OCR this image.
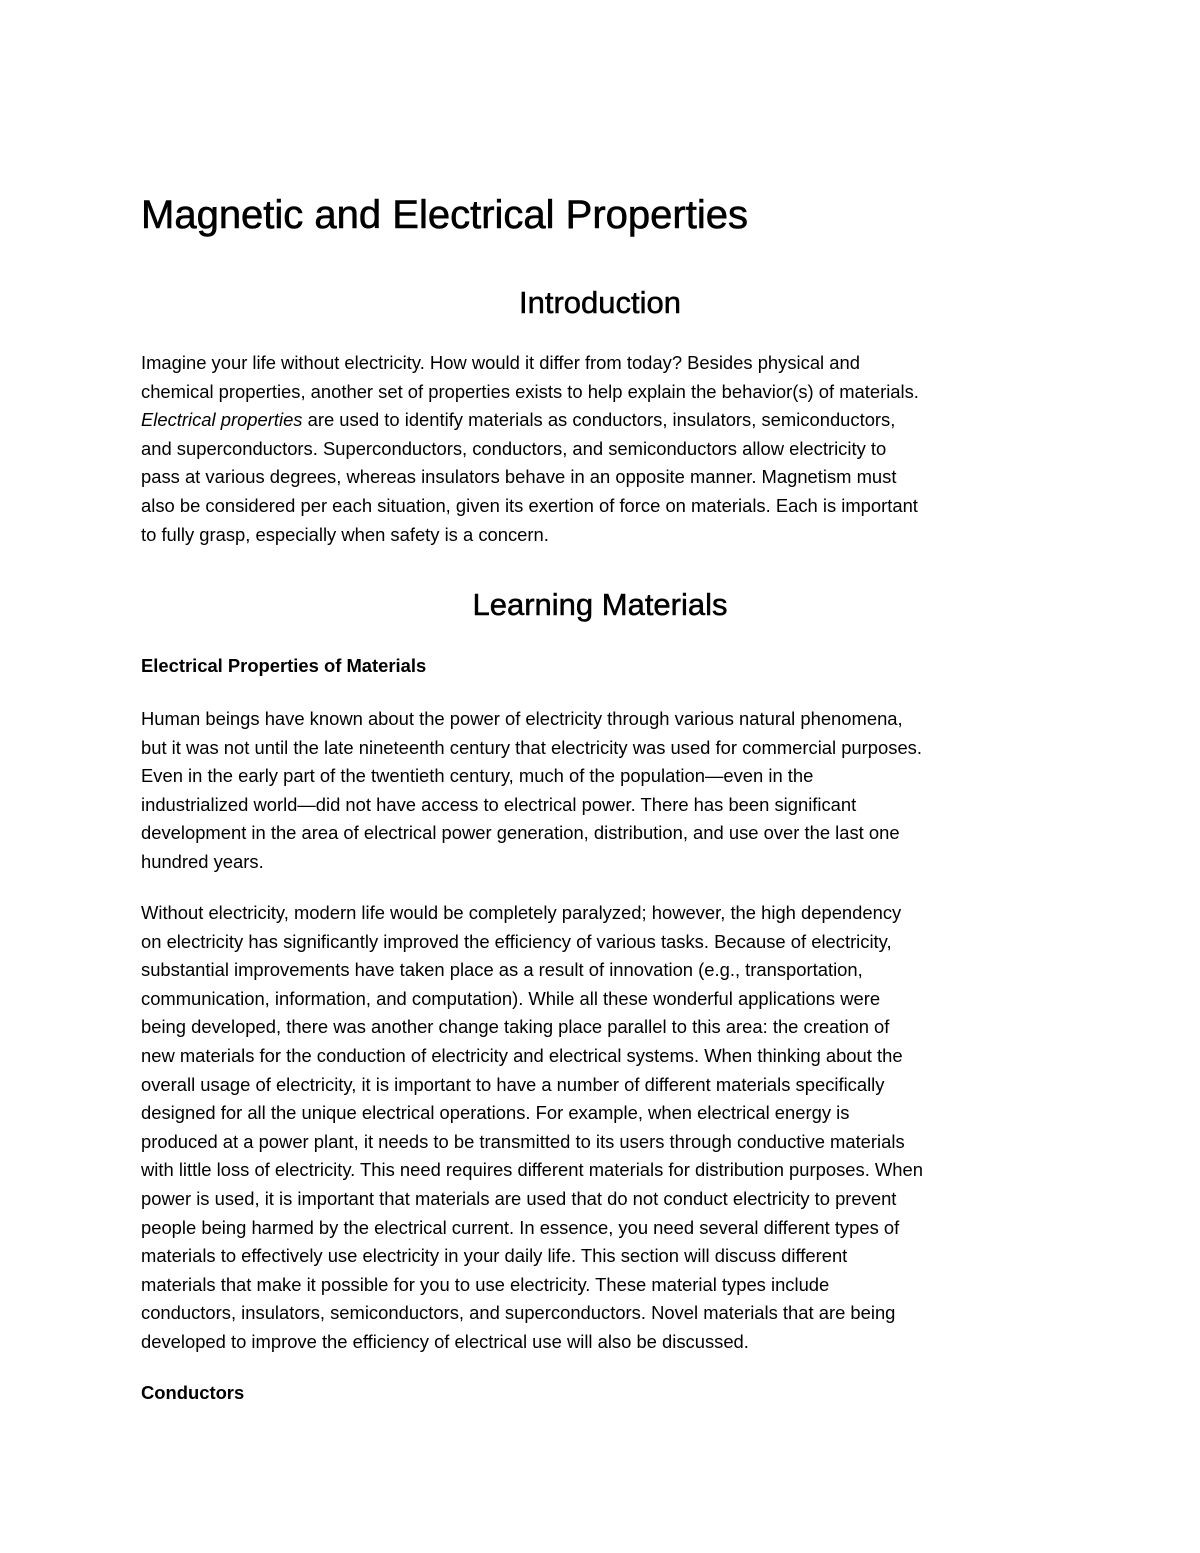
Magnetic and Electrical Properties
Introduction
Imagine your life without electricity. How would it differ from today? Besides physical and
chemical properties, another set of properties exists to help explain the behavior(s) of materials.
Electrical properties are used to identify materials as conductors, insulators, semiconductors,
and superconductors. Superconductors, conductors, and semiconductors allow electricity to
pass at various degrees, whereas insulators behave in an opposite manner. Magnetism must
also be considered per each situation, given its exertion of force on materials. Each is important
to fully grasp, especially when safety is a concern.
Learning Materials
Electrical Properties of Materials
Human beings have known about the power of electricity through various natural phenomena,
but it was not until the late nineteenth century that electricity was used for commercial purposes.
Even in the early part of the twentieth century, much of the population—even in the
industrialized world—did not have access to electrical power. There has been significant
development in the area of electrical power generation, distribution, and use over the last one
hundred years.
Without electricity, modern life would be completely paralyzed; however, the high dependency
on electricity has significantly improved the efficiency of various tasks. Because of electricity,
substantial improvements have taken place as a result of innovation (e.g., transportation,
communication, information, and computation). While all these wonderful applications were
being developed, there was another change taking place parallel to this area: the creation of
new materials for the conduction of electricity and electrical systems. When thinking about the
overall usage of electricity, it is important to have a number of different materials specifically
designed for all the unique electrical operations. For example, when electrical energy is
produced at a power plant, it needs to be transmitted to its users through conductive materials
with little loss of electricity. This need requires different materials for distribution purposes. When
power is used, it is important that materials are used that do not conduct electricity to prevent
people being harmed by the electrical current. In essence, you need several different types of
materials to effectively use electricity in your daily life. This section will discuss different
materials that make it possible for you to use electricity. These material types include
conductors, insulators, semiconductors, and superconductors. Novel materials that are being
developed to improve the efficiency of electrical use will also be discussed.
Conductors
